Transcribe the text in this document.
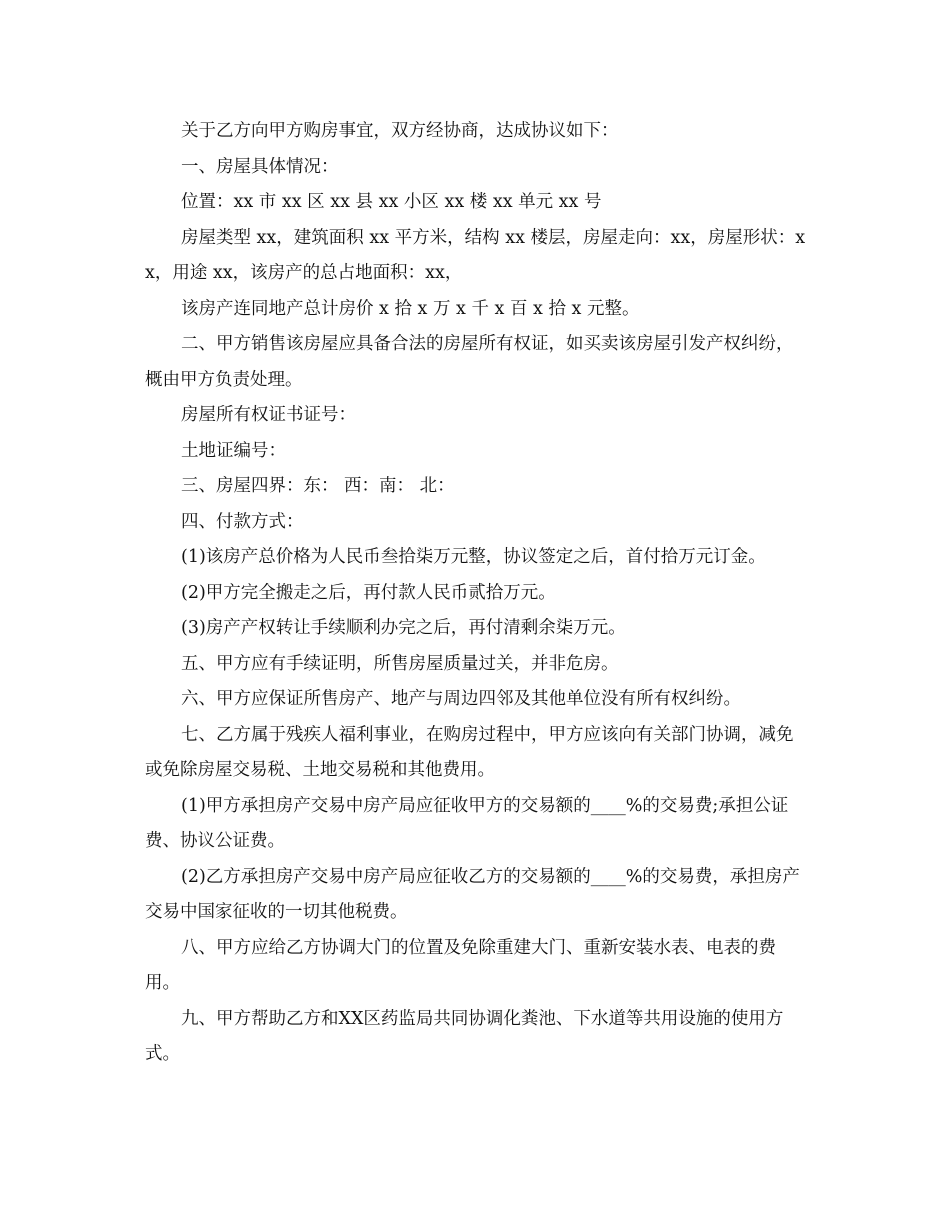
关于乙方向甲方购房事宜，双方经协商，达成协议如下：

一、房屋具体情况：

位置：xx 市 xx 区 xx 县 xx 小区 xx 楼 xx 单元 xx 号

房屋类型 xx，建筑面积 xx 平方米，结构 xx 楼层，房屋走向：xx，房屋形状：xx，用途 xx，该房产的总占地面积：xx，

该房产连同地产总计房价 x 拾 x 万 x 千 x 百 x 拾 x 元整。

二、甲方销售该房屋应具备合法的房屋所有权证，如买卖该房屋引发产权纠纷，概由甲方负责处理。

房屋所有权证书证号：

土地证编号：

三、房屋四界：东： 西：南： 北：

四、付款方式：

(1)该房产总价格为人民币叁拾柒万元整，协议签定之后，首付拾万元订金。

(2)甲方完全搬走之后，再付款人民币贰拾万元。

(3)房产产权转让手续顺利办完之后，再付清剩余柒万元。

五、甲方应有手续证明，所售房屋质量过关，并非危房。

六、甲方应保证所售房产、地产与周边四邻及其他单位没有所有权纠纷。

七、乙方属于残疾人福利事业，在购房过程中，甲方应该向有关部门协调，减免或免除房屋交易税、土地交易税和其他费用。

(1)甲方承担房产交易中房产局应征收甲方的交易额的____%的交易费;承担公证费、协议公证费。

(2)乙方承担房产交易中房产局应征收乙方的交易额的____%的交易费，承担房产交易中国家征收的一切其他税费。

八、甲方应给乙方协调大门的位置及免除重建大门、重新安装水表、电表的费用。

九、甲方帮助乙方和XX区药监局共同协调化粪池、下水道等共用设施的使用方式。
